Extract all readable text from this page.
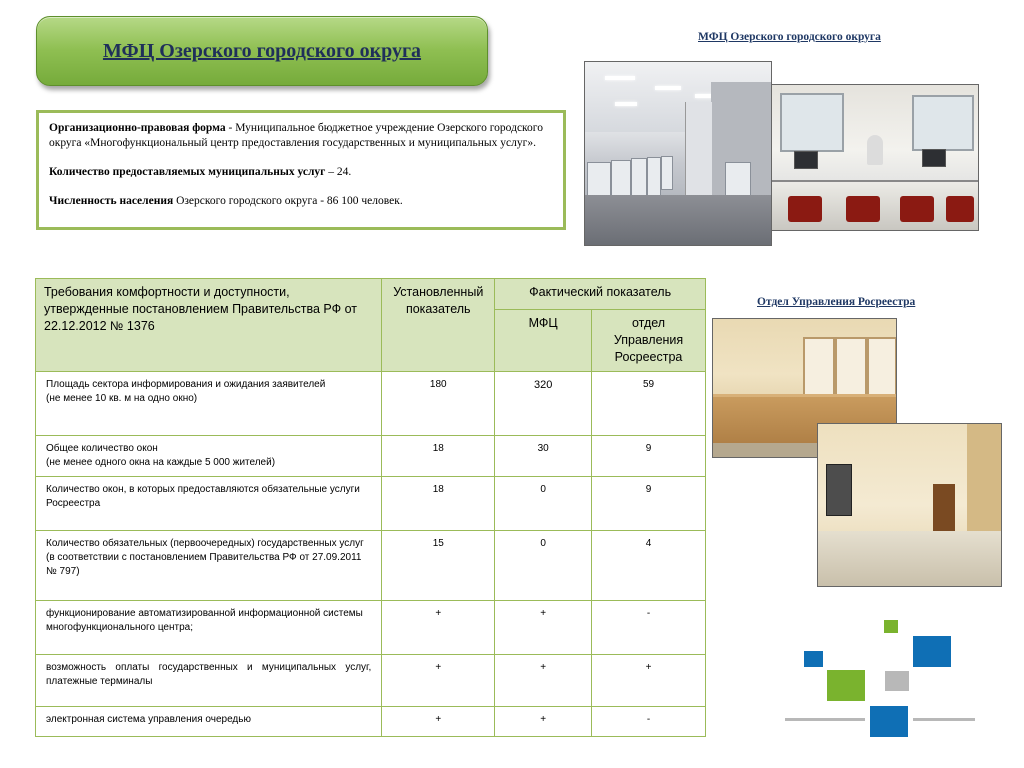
МФЦ Озерского городского округа

Организационно-правовая форма - Муниципальное бюджетное учреждение Озерского городского округа «Многофункциональный центр предоставления государственных и муниципальных услуг».

Количество предоставляемых муниципальных услуг – 24.

Численность населения Озерского городского округа - 86 100 человек.

МФЦ Озерского городского округа
Отдел Управления Росреестра
Требования комфортности и доступности, утвержденные постановлением Правительства РФ от 22.12.2012 № 1376	Установленный показатель	Фактический показатель	
		МФЦ	отдел Управления Росреестра
Площадь сектора информирования и ожидания заявителей
(не менее 10 кв. м на одно окно)	180	320	59
Общее количество окон
(не менее одного окна на каждые 5 000 жителей)	18	30	9
Количество окон, в которых предоставляются обязательные услуги Росреестра	18	0	9
Количество обязательных (первоочередных) государственных услуг (в соответствии с постановлением Правительства РФ от 27.09.2011 № 797)	15	0	4
функционирование автоматизированной информационной системы многофункционального центра;	+	+	-
возможность оплаты государственных и муниципальных услуг, платежные терминалы	+	+	+
электронная система управления очередью	+	+	-
